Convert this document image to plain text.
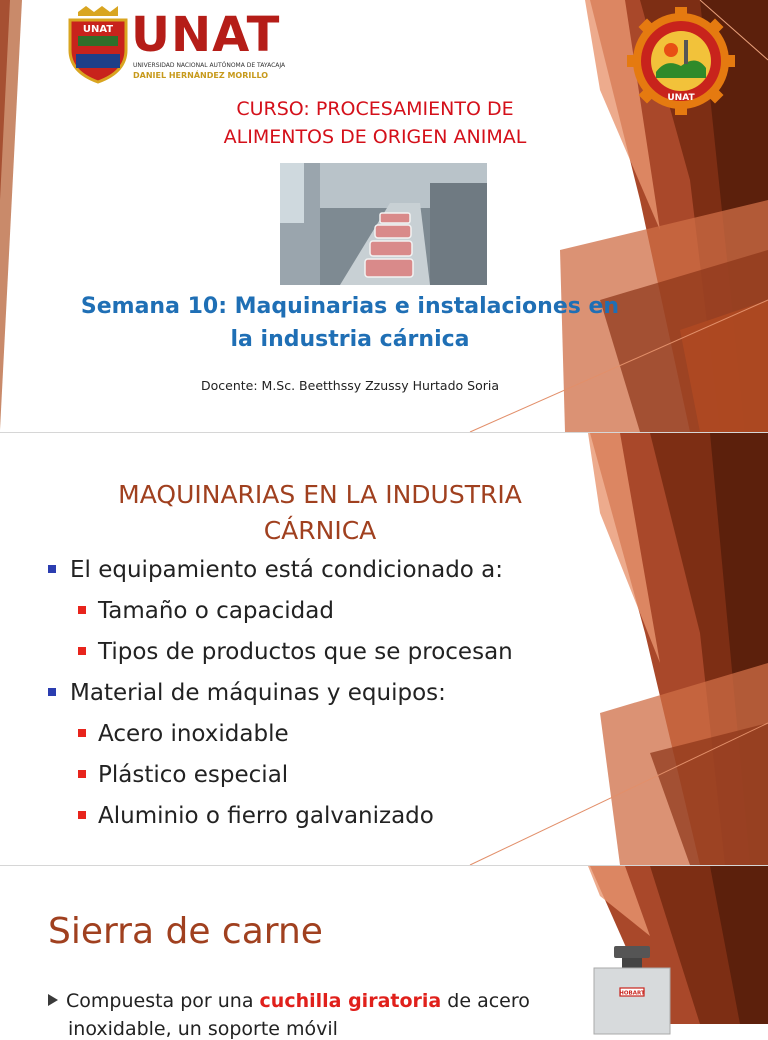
UNAT UNAT
UNIVERSIDAD NACIONAL AUTÓNOMA DE TAYACAJA
DANIEL HERNÁNDEZ MORILLO
UNAT
CURSO: PROCESAMIENTO DE
ALIMENTOS DE ORIGEN ANIMAL
Semana 10: Maquinarias e instalaciones en
la industria cárnica
Docente: M.Sc. Beetthssy Zzussy Hurtado Soria
MAQUINARIAS EN LA INDUSTRIA
CÁRNICA
El equipamiento está condicionado a:
Tamaño o capacidad
Tipos de productos que se procesan
Material de máquinas y equipos:
Acero inoxidable
Plástico especial
Aluminio o fierro galvanizado
Sierra de carne
HOBART
Compuesta por una cuchilla giratoria de acero
inoxidable, un soporte móvil
